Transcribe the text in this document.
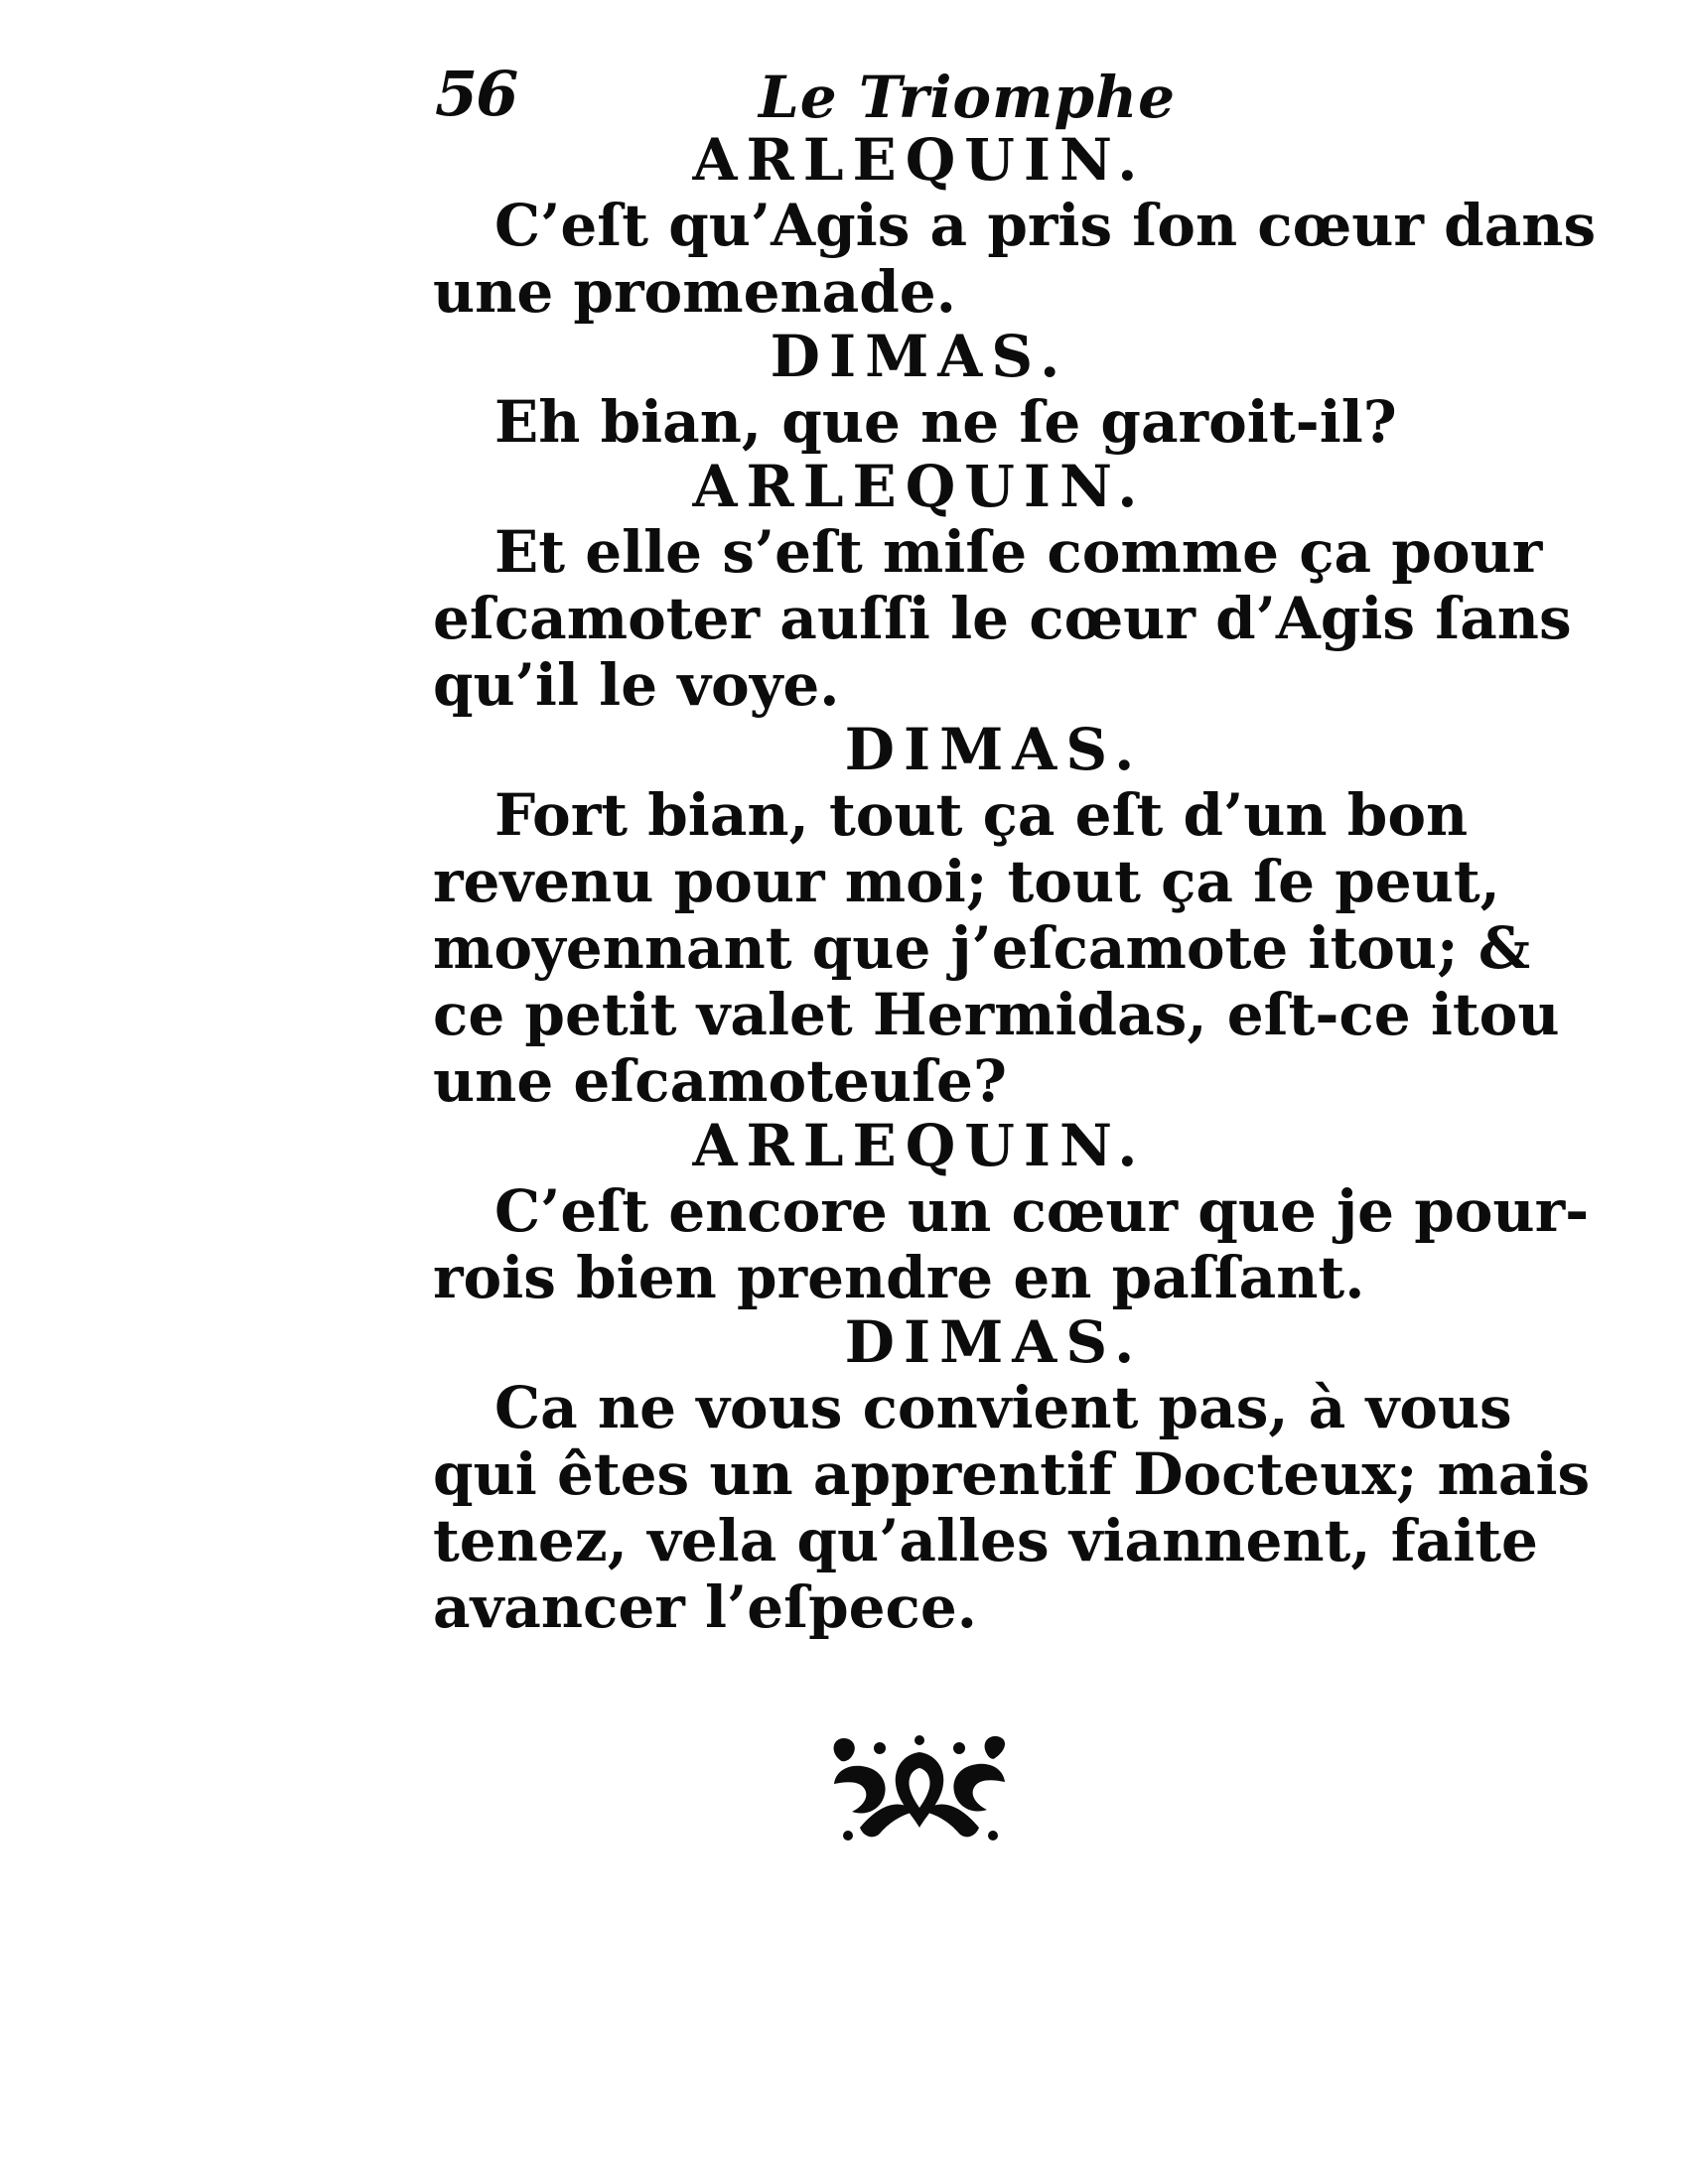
56	Le Triomphe
ARLEQUIN.
C’eſt qu’Agis a pris ſon cœur dans
une promenade.
DIMAS.
Eh bian, que ne ſe garoit-il?
ARLEQUIN.
Et elle s’eſt miſe comme ça pour
eſcamoter auſſi le cœur d’Agis ſans
qu’il le voye.
DIMAS.
Fort bian, tout ça eſt d’un bon
revenu pour moi; tout ça ſe peut,
moyennant que j’eſcamote itou; &
ce petit valet Hermidas, eſt-ce itou
une eſcamoteuſe?
ARLEQUIN.
C’eſt encore un cœur que je pour-
rois bien prendre en paſſant.
DIMAS.
Ca ne vous convient pas, à vous
qui êtes un apprentif Docteux; mais
tenez, vela qu’alles viannent, faite
avancer l’eſpece.
